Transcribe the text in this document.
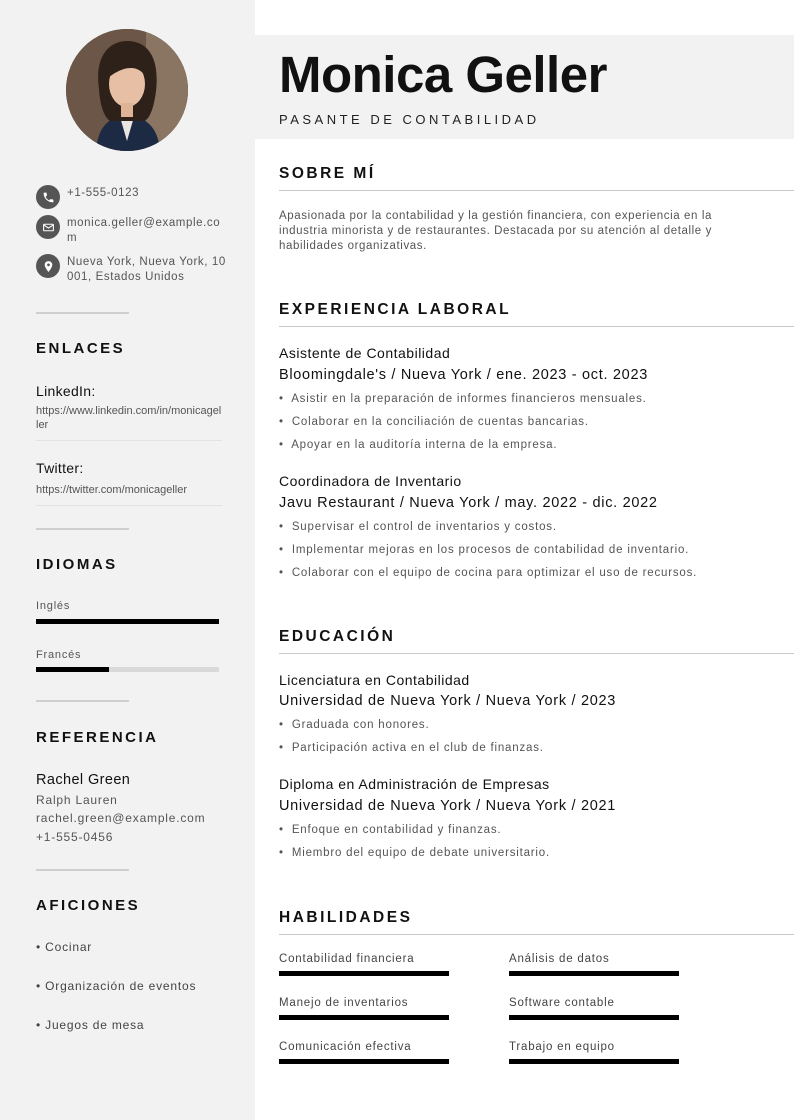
+1-555-0123
monica.geller@example.com
Nueva York, Nueva York, 10001, Estados Unidos
ENLACES
LinkedIn:
https://www.linkedin.com/in/monicageller
Twitter:
https://twitter.com/monicageller
IDIOMAS
Inglés
Francés
REFERENCIA
Rachel Green
Ralph Lauren
rachel.green@example.com
+1-555-0456
AFICIONES
• Cocinar
• Organización de eventos
• Juegos de mesa
Monica Geller
PASANTE DE CONTABILIDAD
SOBRE MÍ
Apasionada por la contabilidad y la gestión financiera, con experiencia en la industria minorista y de restaurantes. Destacada por su atención al detalle y habilidades organizativas.
EXPERIENCIA LABORAL
Asistente de Contabilidad
Bloomingdale's / Nueva York / ene. 2023 - oct. 2023
•  Asistir en la preparación de informes financieros mensuales.
•  Colaborar en la conciliación de cuentas bancarias.
•  Apoyar en la auditoría interna de la empresa.
Coordinadora de Inventario
Javu Restaurant / Nueva York / may. 2022 - dic. 2022
•  Supervisar el control de inventarios y costos.
•  Implementar mejoras en los procesos de contabilidad de inventario.
•  Colaborar con el equipo de cocina para optimizar el uso de recursos.
EDUCACIÓN
Licenciatura en Contabilidad
Universidad de Nueva York / Nueva York / 2023
•  Graduada con honores.
•  Participación activa en el club de finanzas.
Diploma en Administración de Empresas
Universidad de Nueva York / Nueva York / 2021
•  Enfoque en contabilidad y finanzas.
•  Miembro del equipo de debate universitario.
HABILIDADES
Contabilidad financiera	Análisis de datos
Manejo de inventarios	Software contable
Comunicación efectiva	Trabajo en equipo
